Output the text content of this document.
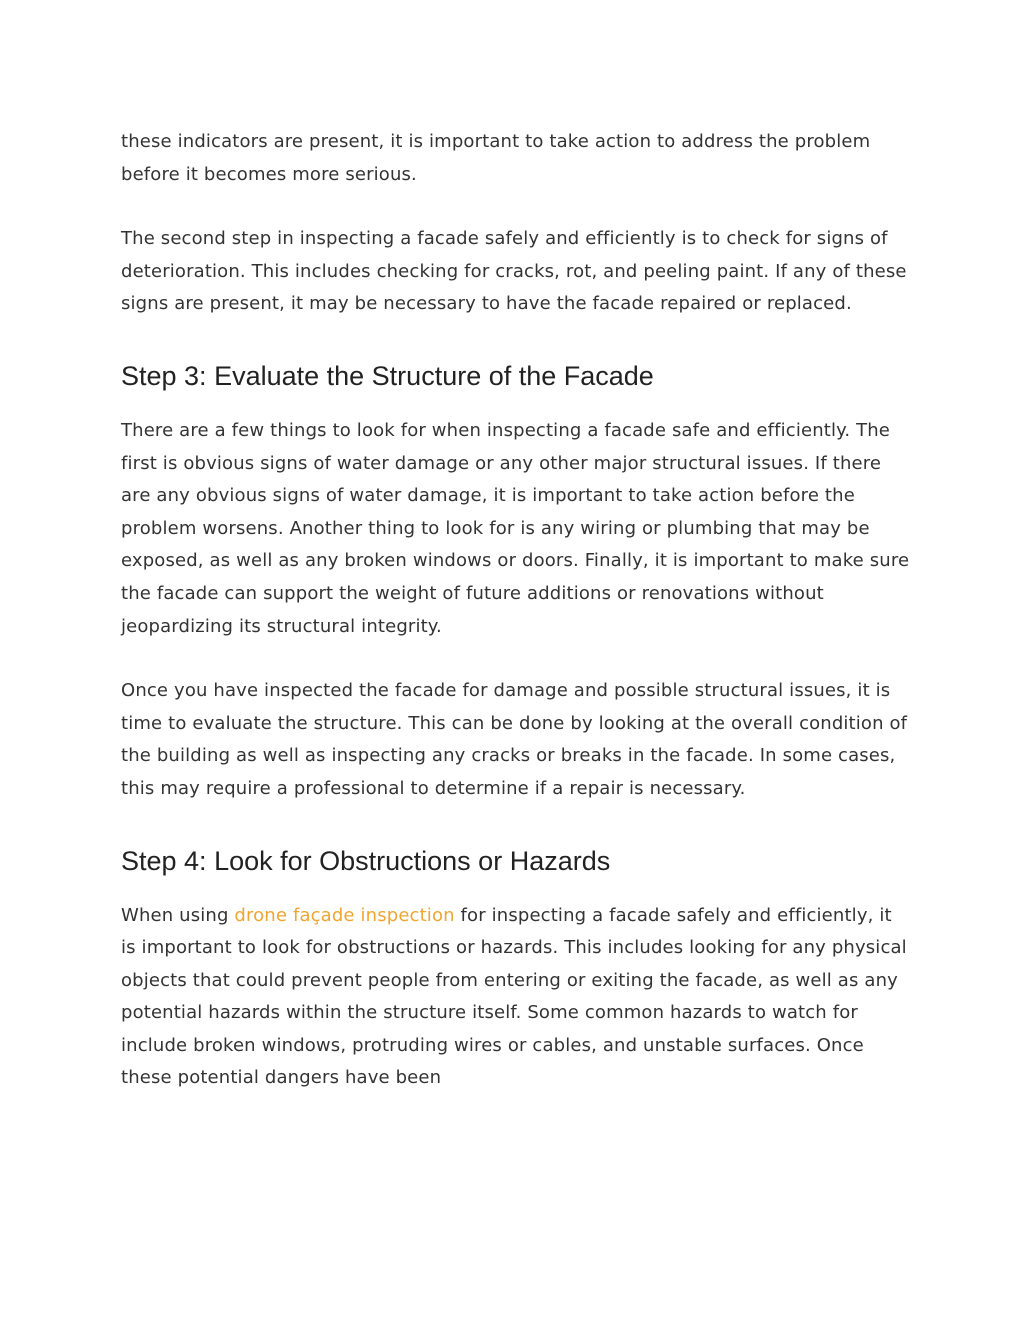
these indicators are present, it is important to take action to address the problem before it becomes more serious.

The second step in inspecting a facade safely and efficiently is to check for signs of deterioration. This includes checking for cracks, rot, and peeling paint. If any of these signs are present, it may be necessary to have the facade repaired or replaced.

Step 3: Evaluate the Structure of the Facade

There are a few things to look for when inspecting a facade safe and efficiently. The first is obvious signs of water damage or any other major structural issues. If there are any obvious signs of water damage, it is important to take action before the problem worsens. Another thing to look for is any wiring or plumbing that may be exposed, as well as any broken windows or doors. Finally, it is important to make sure the facade can support the weight of future additions or renovations without jeopardizing its structural integrity.

Once you have inspected the facade for damage and possible structural issues, it is time to evaluate the structure. This can be done by looking at the overall condition of the building as well as inspecting any cracks or breaks in the facade. In some cases, this may require a professional to determine if a repair is necessary.

Step 4: Look for Obstructions or Hazards

When using drone façade inspection for inspecting a facade safely and efficiently, it is important to look for obstructions or hazards. This includes looking for any physical objects that could prevent people from entering or exiting the facade, as well as any potential hazards within the structure itself. Some common hazards to watch for include broken windows, protruding wires or cables, and unstable surfaces. Once these potential dangers have been
